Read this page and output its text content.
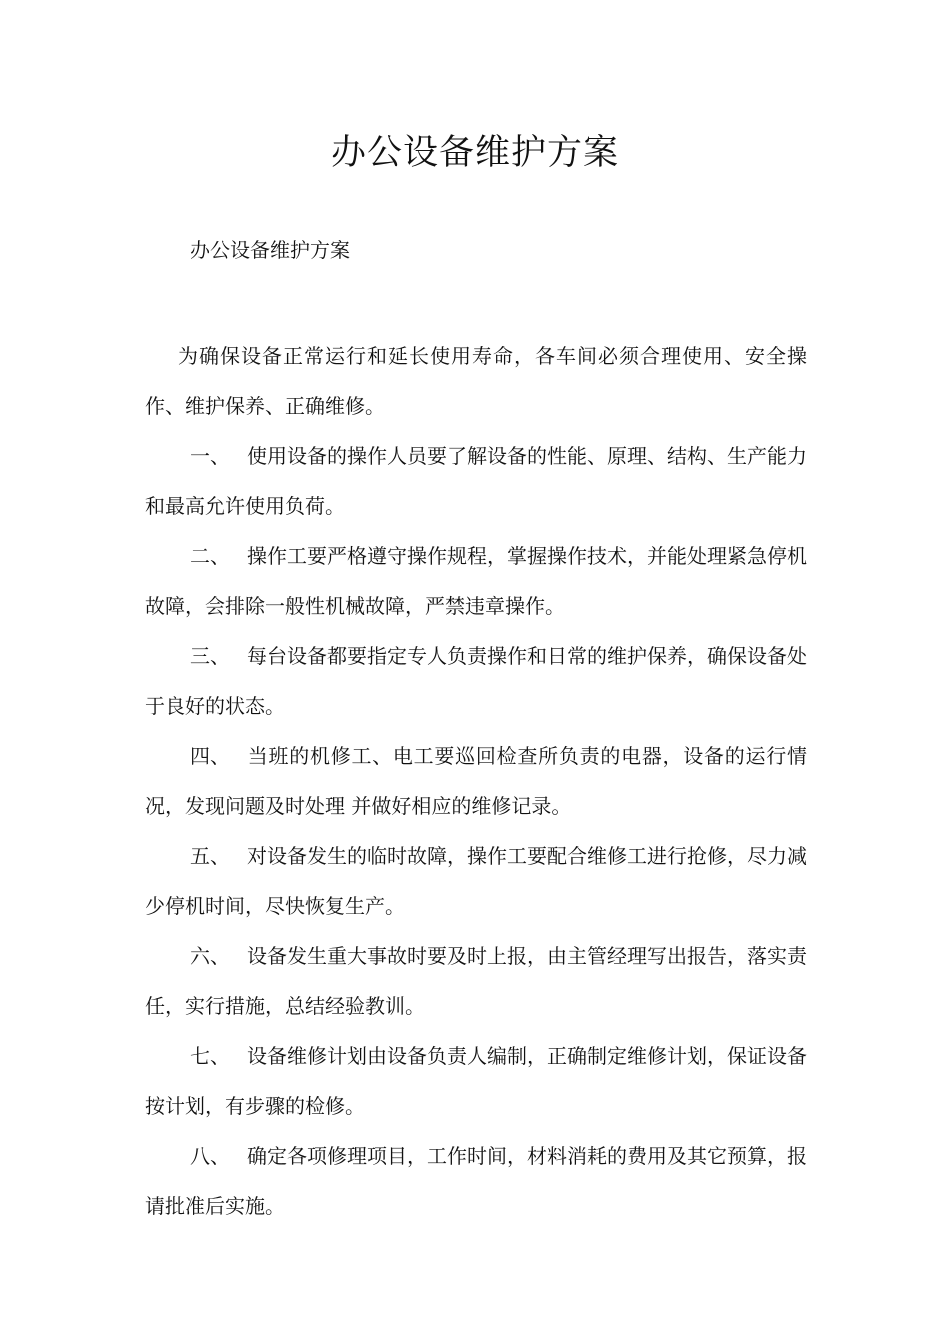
办公设备维护方案
办公设备维护方案

为确保设备正常运行和延长使用寿命，各车间必须合理使用、安全操作、维护保养、正确维修。

一、 使用设备的操作人员要了解设备的性能、原理、结构、生产能力和最高允许使用负荷。

二、 操作工要严格遵守操作规程，掌握操作技术，并能处理紧急停机故障，会排除一般性机械故障，严禁违章操作。

三、 每台设备都要指定专人负责操作和日常的维护保养，确保设备处于良好的状态。

四、 当班的机修工、电工要巡回检查所负责的电器，设备的运行情况，发现问题及时处理 并做好相应的维修记录。

五、 对设备发生的临时故障，操作工要配合维修工进行抢修，尽力减少停机时间，尽快恢复生产。

六、 设备发生重大事故时要及时上报，由主管经理写出报告，落实责任，实行措施，总结经验教训。

七、 设备维修计划由设备负责人编制，正确制定维修计划，保证设备按计划，有步骤的检修。

八、 确定各项修理项目，工作时间，材料消耗的费用及其它预算，报请批准后实施。
